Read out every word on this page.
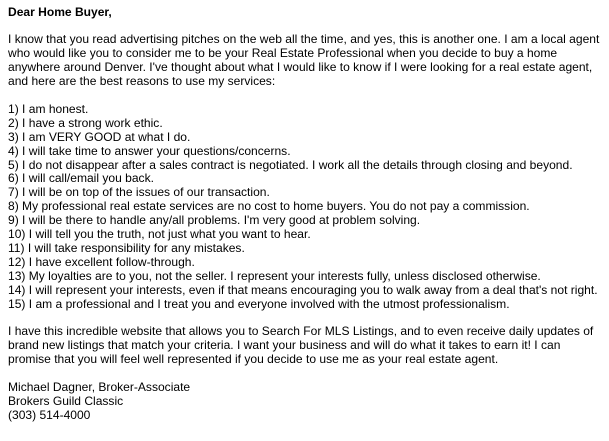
Dear Home Buyer,
I know that you read advertising pitches on the web all the time, and yes, this is another one. I am a local agent who would like you to consider me to be your Real Estate Professional when you decide to buy a home anywhere around Denver. I've thought about what I would like to know if I were looking for a real estate agent, and here are the best reasons to use my services:
1) I am honest.
2) I have a strong work ethic.
3) I am VERY GOOD at what I do.
4) I will take time to answer your questions/concerns.
5) I do not disappear after a sales contract is negotiated. I work all the details through closing and beyond.
6) I will call/email you back.
7) I will be on top of the issues of our transaction.
8) My professional real estate services are no cost to home buyers. You do not pay a commission.
9) I will be there to handle any/all problems. I'm very good at problem solving.
10) I will tell you the truth, not just what you want to hear.
11) I will take responsibility for any mistakes.
12) I have excellent follow-through.
13) My loyalties are to you, not the seller. I represent your interests fully, unless disclosed otherwise.
14) I will represent your interests, even if that means encouraging you to walk away from a deal that's not right.
15) I am a professional and I treat you and everyone involved with the utmost professionalism.
I have this incredible website that allows you to Search For MLS Listings, and to even receive daily updates of brand new listings that match your criteria. I want your business and will do what it takes to earn it! I can promise that you will feel well represented if you decide to use me as your real estate agent.
Michael Dagner, Broker-Associate
Brokers Guild Classic
(303) 514-4000
